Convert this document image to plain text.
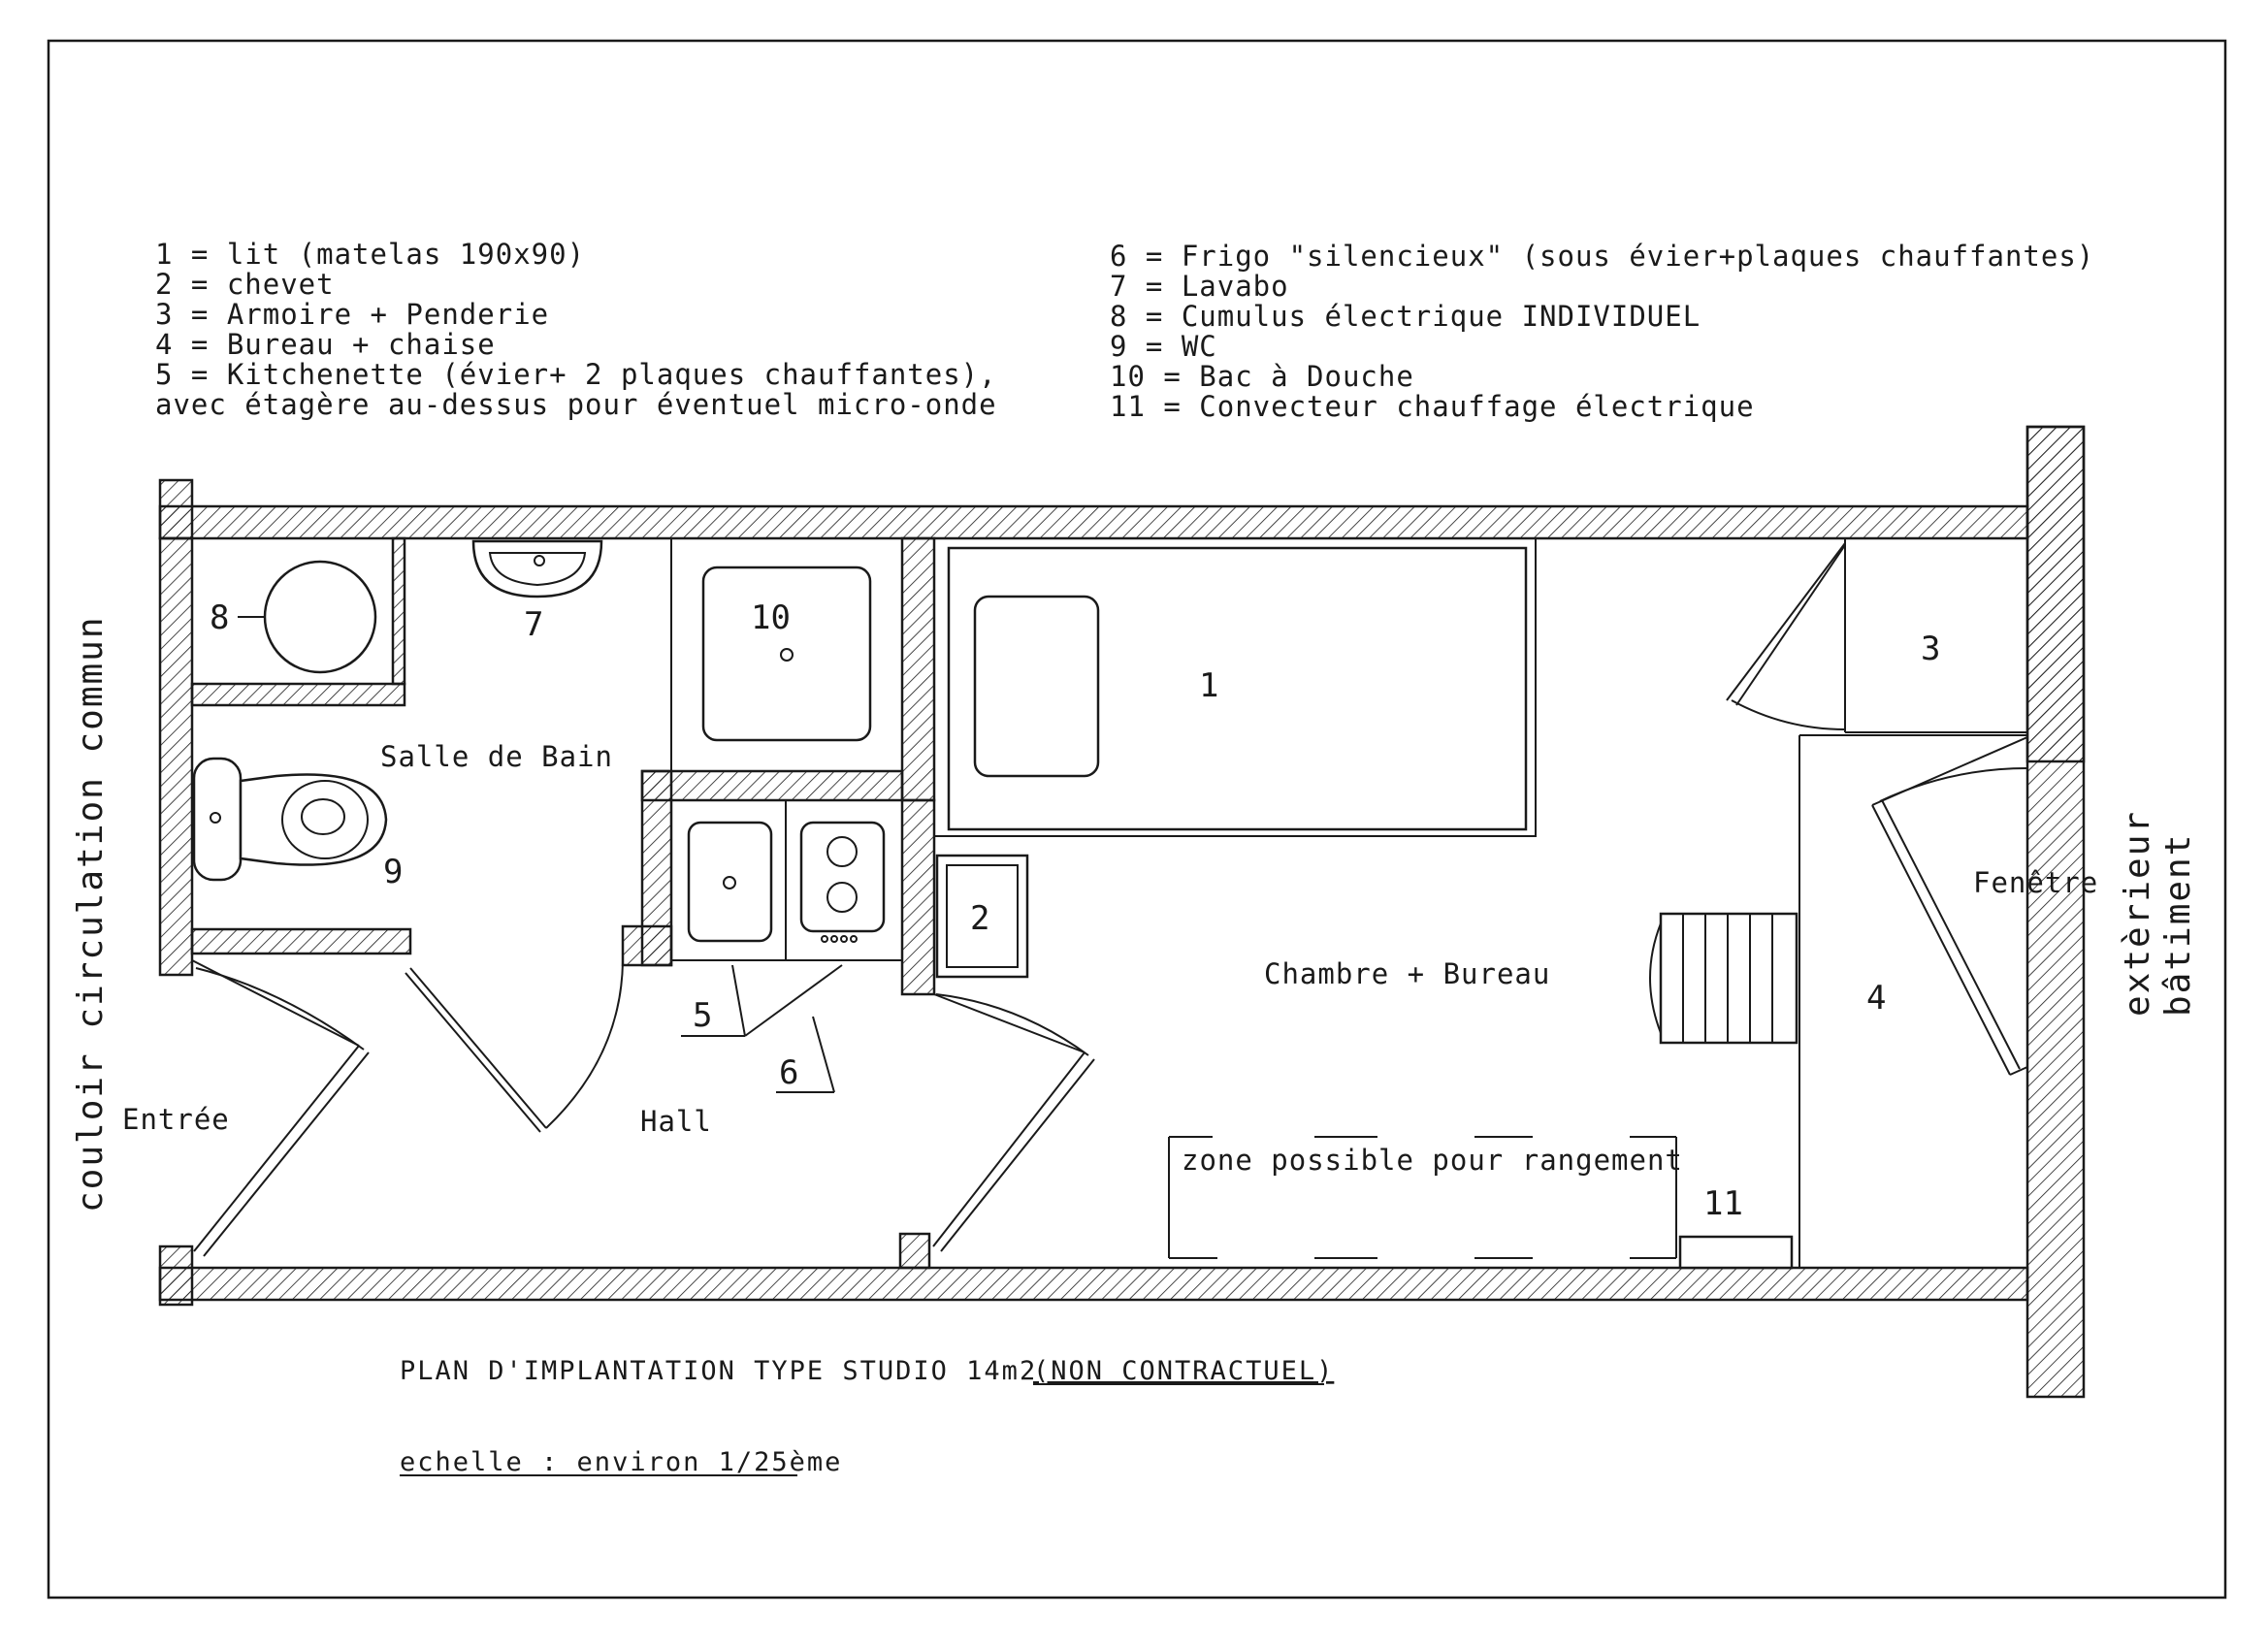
1 = lit (matelas 190x90)
2 = chevet
3 = Armoire + Penderie
4 = Bureau + chaise
5 = Kitchenette (évier+ 2 plaques chauffantes),
avec étagère au-dessus pour éventuel micro-onde
6 = Frigo "silencieux" (sous évier+plaques chauffantes)
7 = Lavabo
8 = Cumulus électrique INDIVIDUEL
9 = WC
10 = Bac à Douche
11 = Convecteur chauffage électrique
Salle de Bain
Chambre + Bureau
Hall
Entrée
Fenêtre
zone possible pour rangement
1
2
3
4
5
6
7
8
9
10
11
couloir circulation commun	extèrieur bâtiment
PLAN D'IMPLANTATION TYPE STUDIO 14m2
(NON CONTRACTUEL)
echelle : environ 1/25ème
